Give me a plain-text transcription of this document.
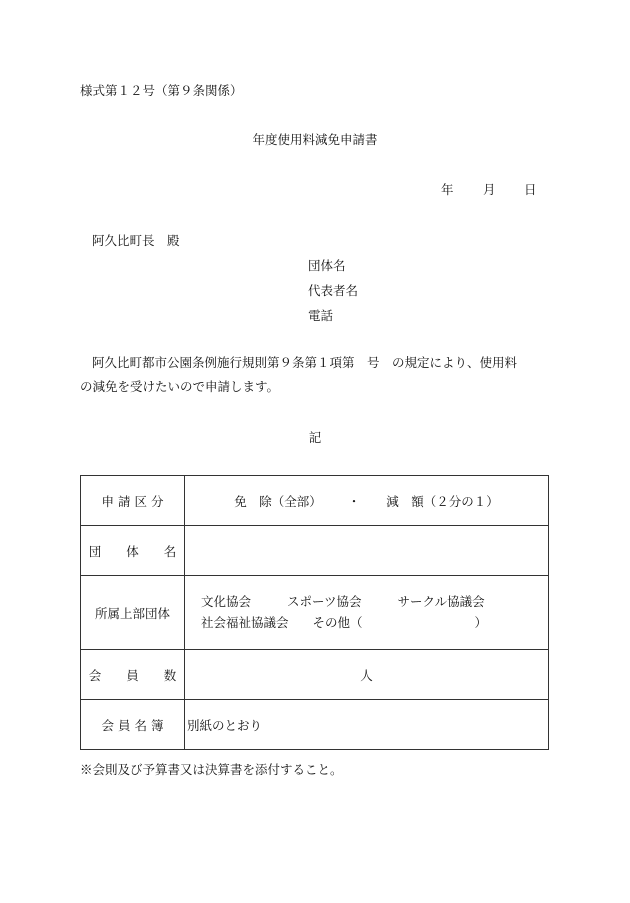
様式第１２号（第９条関係）
年度使用料減免申請書
年 月 日
阿久比町長　殿
団体名
代表者名
電話
阿久比町都市公園条例施行規則第９条第１項第　号　の規定により、使用料
の減免を受けたいので申請します。
記
申 請 区 分	免　除（全部） ・ 減　額（２分の１）
団　　体　　名	
所属上部団体	文化協会 スポーツ協会 サークル協議会
社会福祉協議会 その他（ ）

会　　員　　数	人
会 員 名 簿	別紙のとおり
※会則及び予算書又は決算書を添付すること。
